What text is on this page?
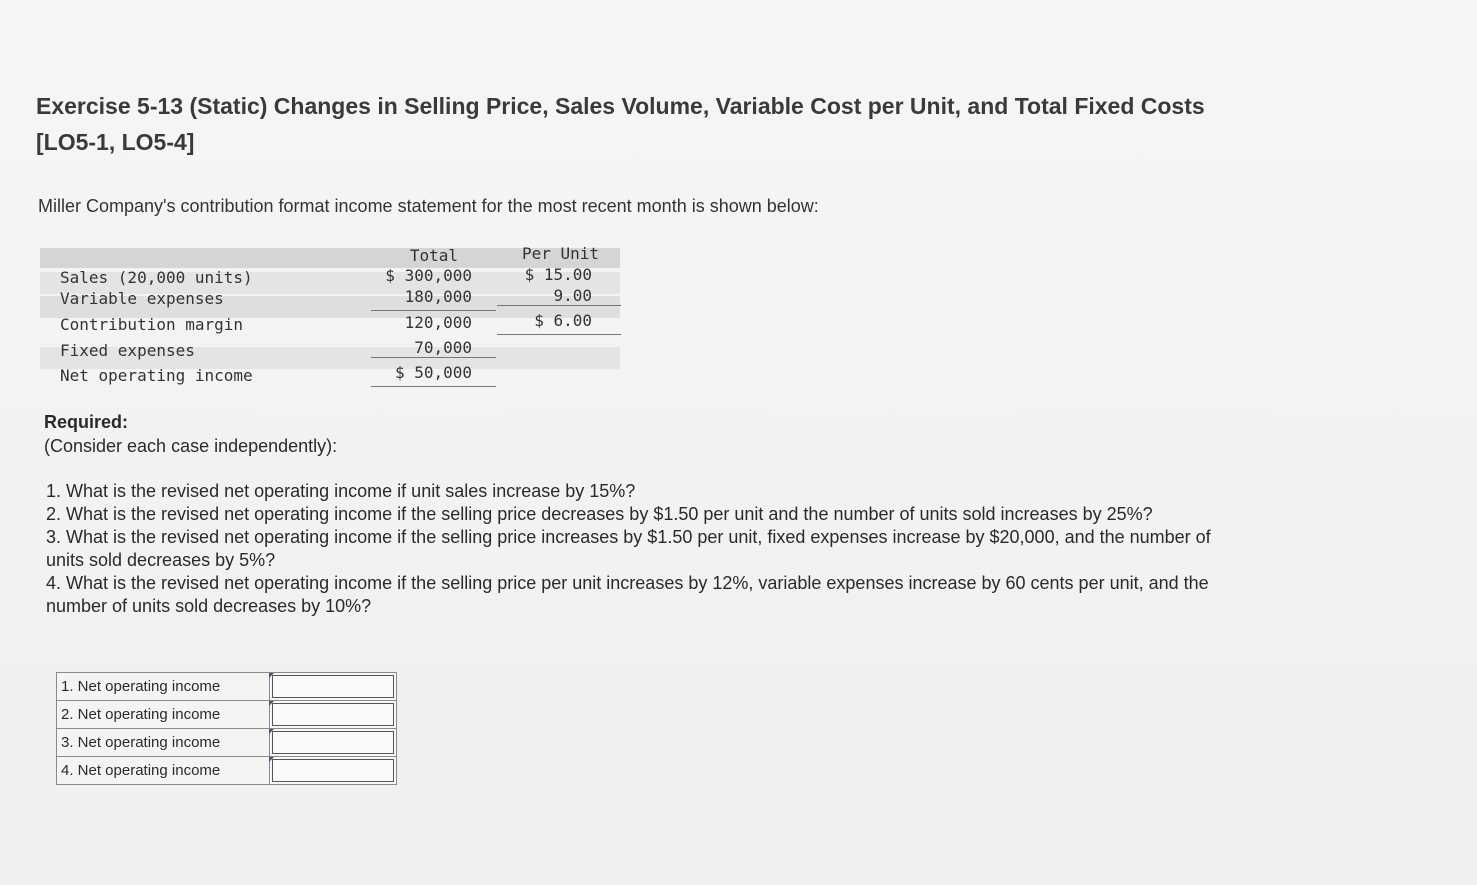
Exercise 5-13 (Static) Changes in Selling Price, Sales Volume, Variable Cost per Unit, and Total Fixed Costs [LO5-1, LO5-4]
Miller Company's contribution format income statement for the most recent month is shown below:
Total	Per Unit
Sales (20,000 units)	$ 300,000	$ 15.00
Variable expenses	180,000	9.00
Contribution margin	120,000	$ 6.00
Fixed expenses	70,000
Net operating income	$ 50,000
Required:
(Consider each case independently):

1. What is the revised net operating income if unit sales increase by 15%?

2. What is the revised net operating income if the selling price decreases by $1.50 per unit and the number of units sold increases by 25%?

3. What is the revised net operating income if the selling price increases by $1.50 per unit, fixed expenses increase by $20,000, and the number of units sold decreases by 5%?

4. What is the revised net operating income if the selling price per unit increases by 12%, variable expenses increase by 60 cents per unit, and the number of units sold decreases by 10%?

1. Net operating income	

2. Net operating income	

3. Net operating income	

4. Net operating income	
